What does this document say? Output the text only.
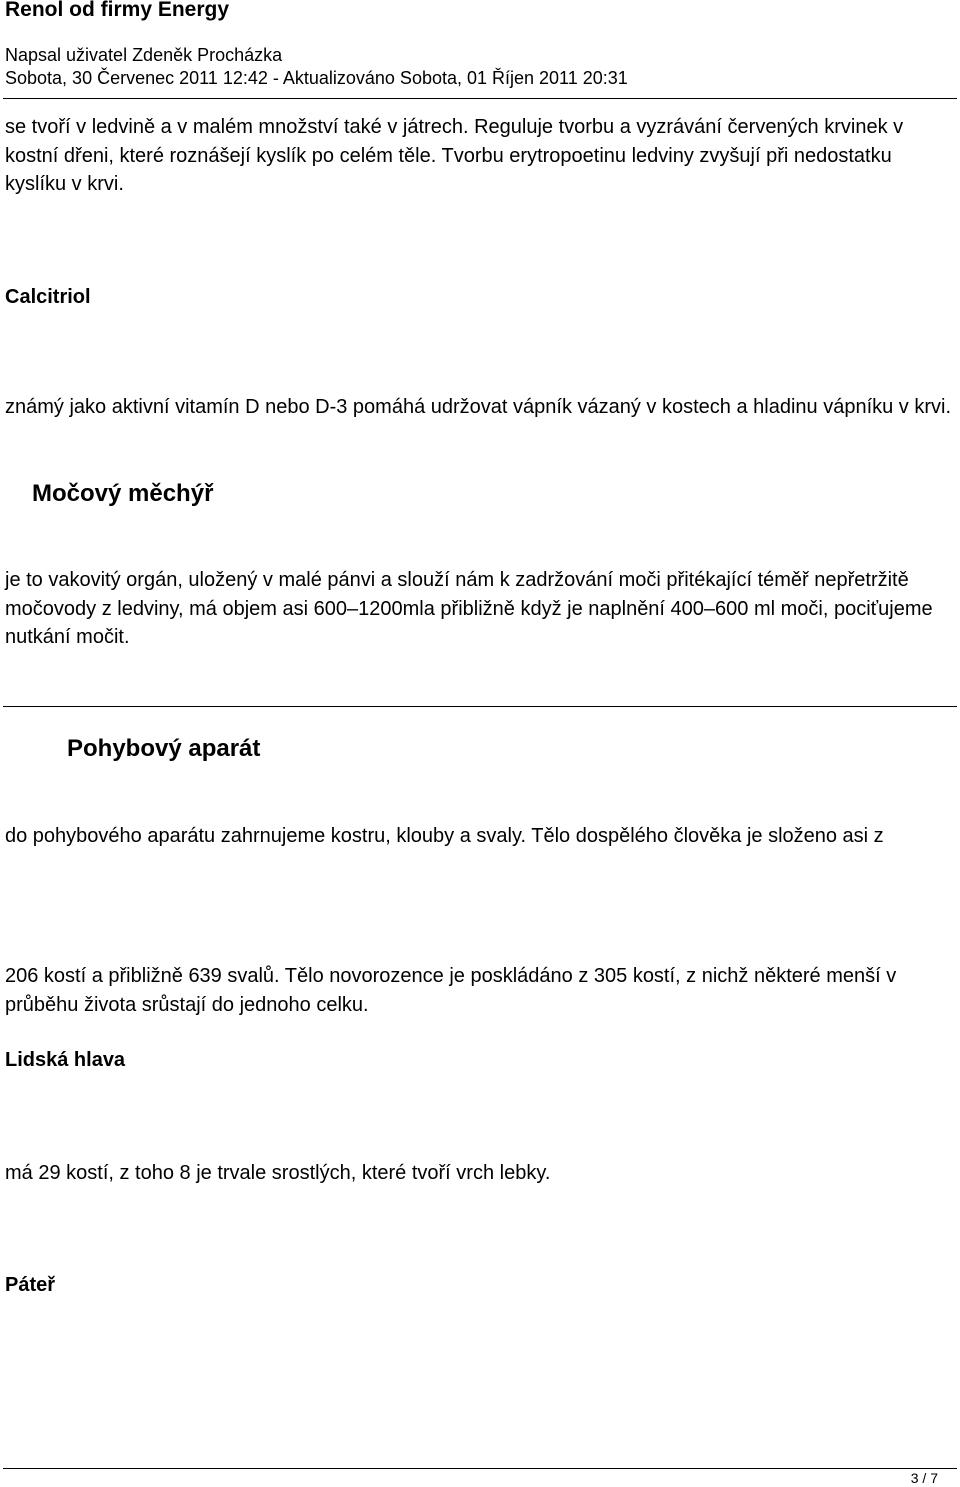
Renol od firmy Energy
Napsal uživatel Zdeněk Procházka
Sobota, 30 Červenec 2011 12:42 - Aktualizováno Sobota, 01 Říjen 2011 20:31
se tvoří v ledvině a v malém množství také v játrech. Reguluje tvorbu a vyzrávání červených krvinek v kostní dřeni, které roznášejí kyslík po celém těle. Tvorbu erytropoetinu ledviny zvyšují při nedostatku kyslíku v krvi.
Calcitriol
známý jako aktivní vitamín D nebo D-3 pomáhá udržovat vápník vázaný v kostech a hladinu vápníku v krvi.
Močový měchýř
je to vakovitý orgán, uložený v malé pánvi a slouží nám k zadržování moči přitékající téměř nepřetržitě močovody z ledviny, má objem asi 600–1200mla přibližně když je naplnění 400–600 ml moči, pociťujeme nutkání močit.
Pohybový aparát
do pohybového aparátu zahrnujeme kostru, klouby a svaly. Tělo dospělého člověka je složeno asi z
206 kostí a přibližně 639 svalů. Tělo novorozence je poskládáno z 305 kostí, z nichž některé menší v průběhu života srůstají do jednoho celku.
Lidská hlava
má 29 kostí, z toho 8 je trvale srostlých, které tvoří vrch lebky.
Páteř
3 / 7
